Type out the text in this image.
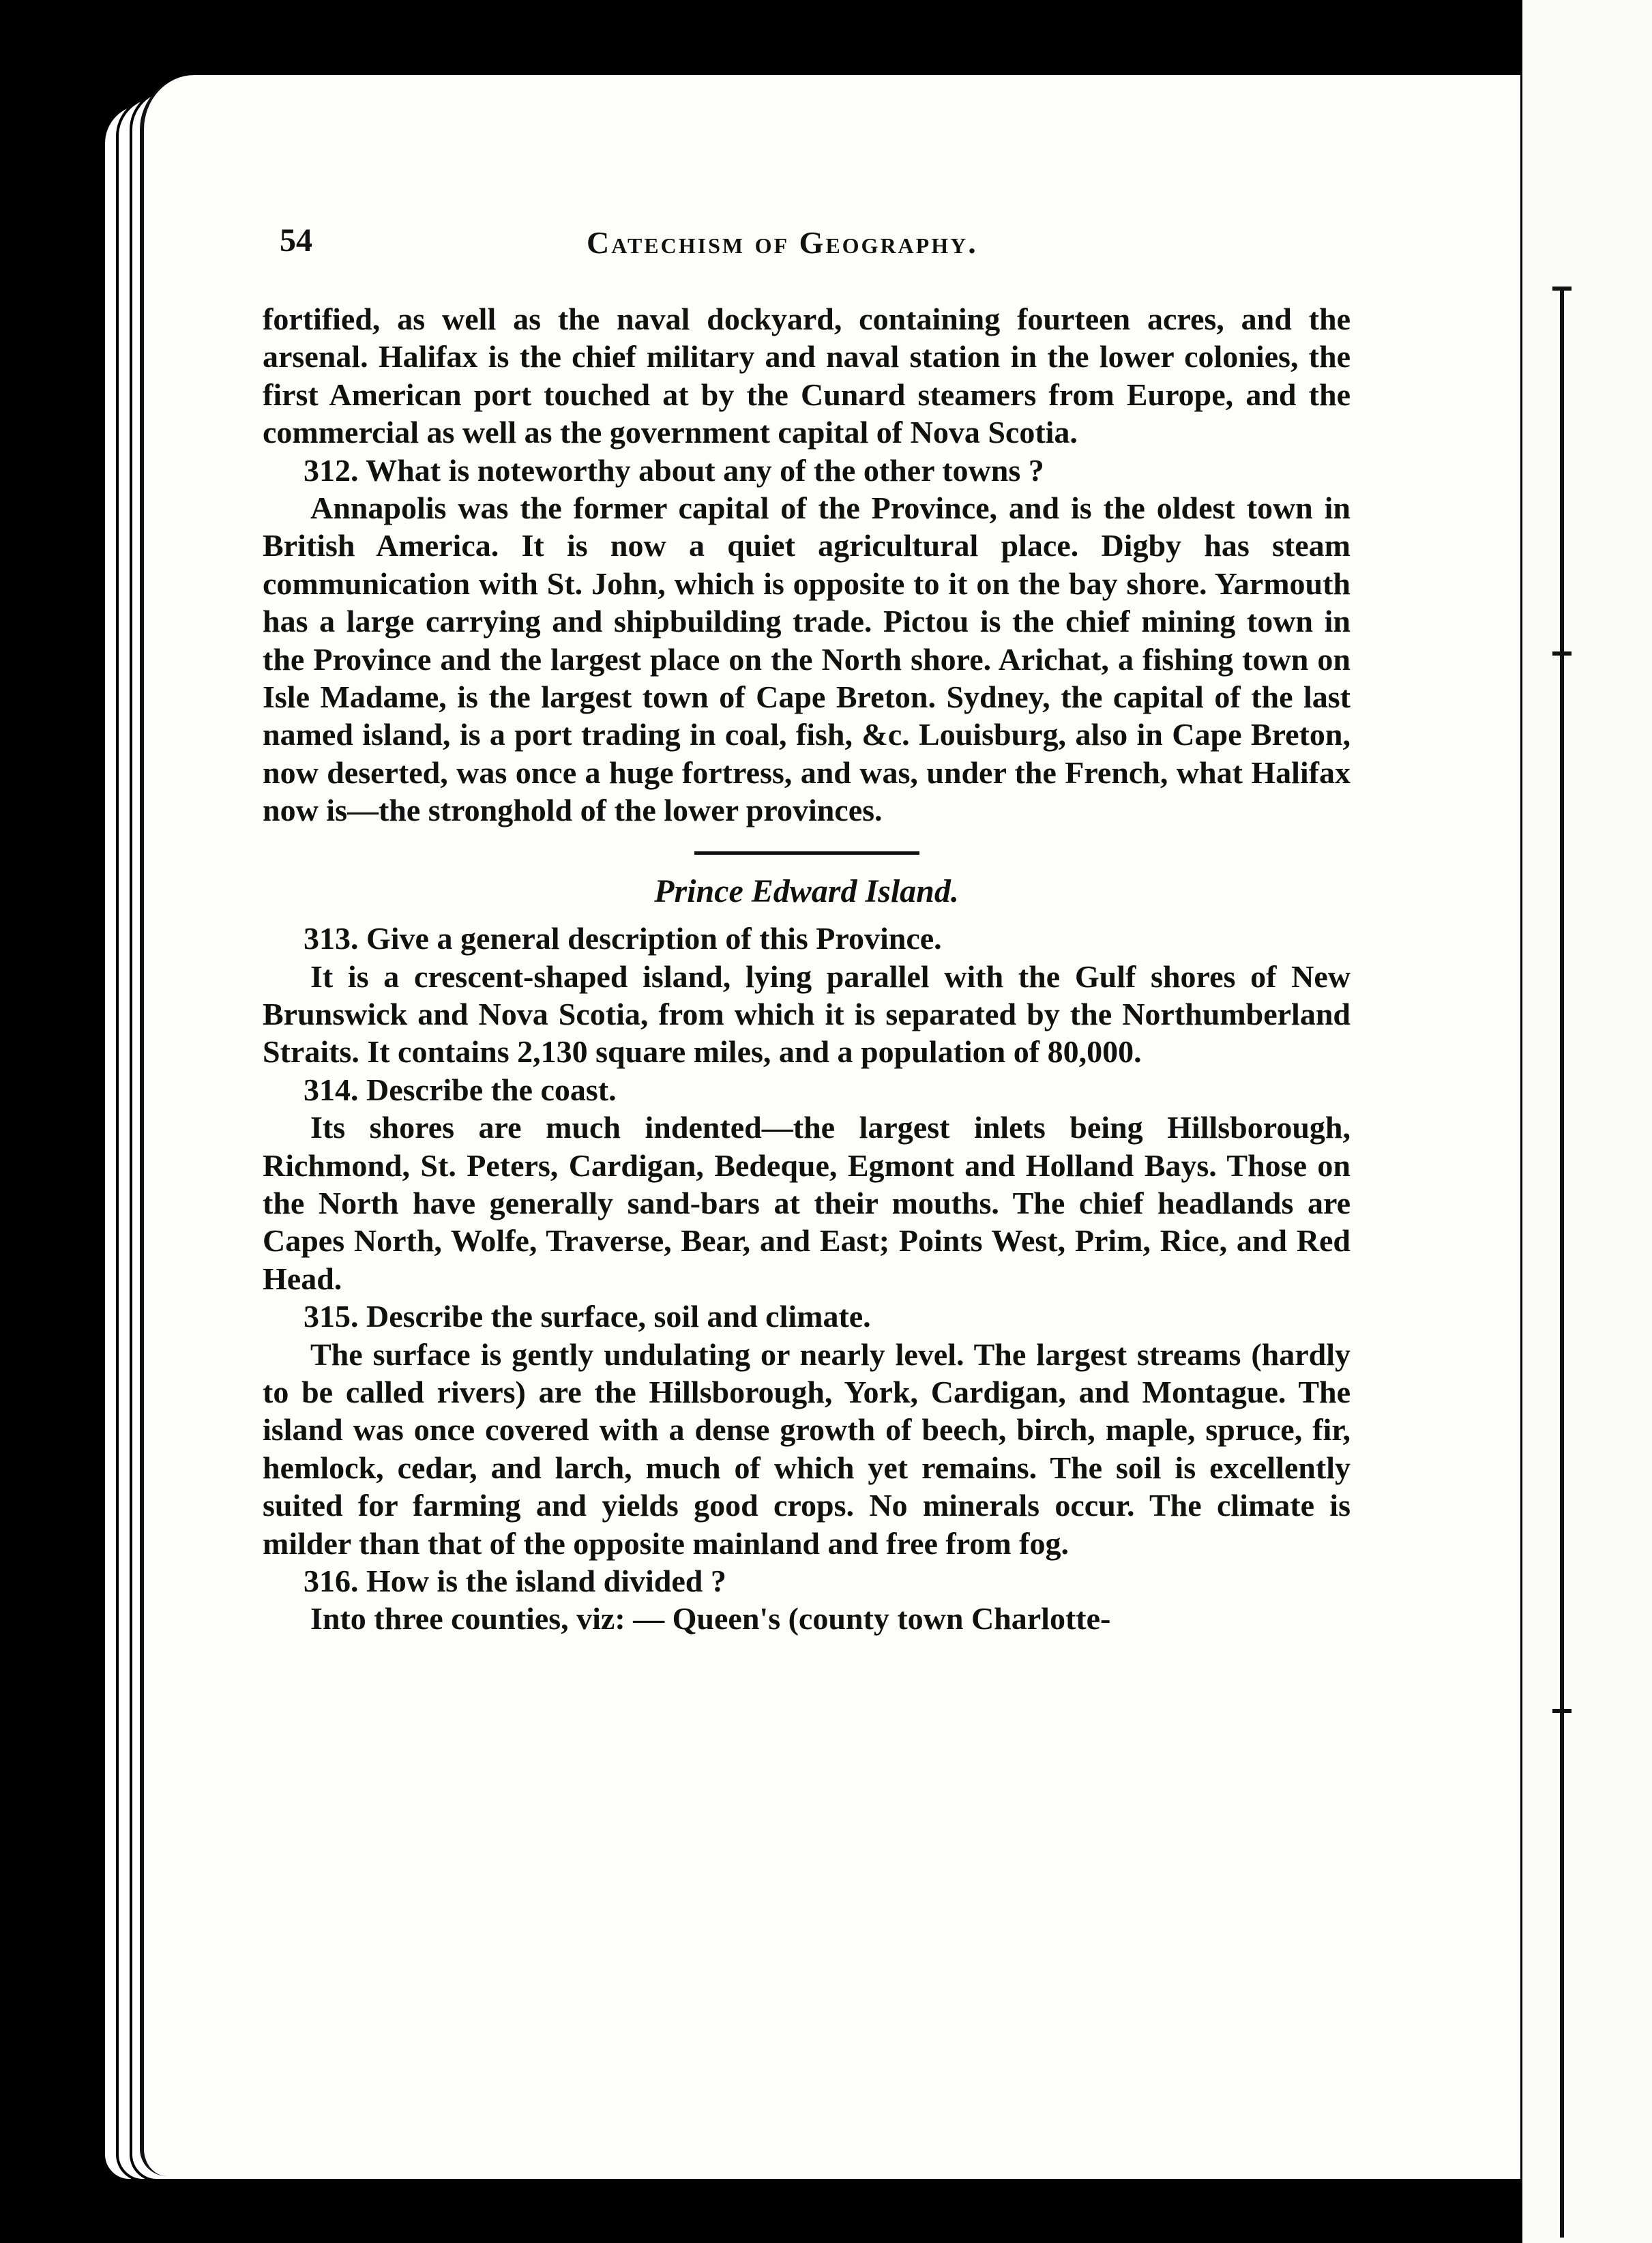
54	Catechism of Geography.

fortified, as well as the naval dockyard, containing fourteen acres, and the arsenal. Halifax is the chief military and naval station in the lower colonies, the first American port touched at by the Cunard steamers from Europe, and the commercial as well as the government capital of Nova Scotia.

312. What is noteworthy about any of the other towns ?

Annapolis was the former capital of the Province, and is the oldest town in British America. It is now a quiet agricultural place. Digby has steam communication with St. John, which is opposite to it on the bay shore. Yarmouth has a large carrying and shipbuilding trade. Pictou is the chief mining town in the Province and the largest place on the North shore. Arichat, a fishing town on Isle Madame, is the largest town of Cape Breton. Sydney, the capital of the last named island, is a port trading in coal, fish, &c. Louisburg, also in Cape Breton, now deserted, was once a huge fortress, and was, under the French, what Halifax now is—the stronghold of the lower provinces.

Prince Edward Island.

313. Give a general description of this Province.

It is a crescent-shaped island, lying parallel with the Gulf shores of New Brunswick and Nova Scotia, from which it is separated by the Northumberland Straits. It contains 2,130 square miles, and a population of 80,000.

314. Describe the coast.

Its shores are much indented—the largest inlets being Hillsborough, Richmond, St. Peters, Cardigan, Bedeque, Egmont and Holland Bays. Those on the North have generally sand-bars at their mouths. The chief headlands are Capes North, Wolfe, Traverse, Bear, and East; Points West, Prim, Rice, and Red Head.

315. Describe the surface, soil and climate.

The surface is gently undulating or nearly level. The largest streams (hardly to be called rivers) are the Hillsborough, York, Cardigan, and Montague. The island was once covered with a dense growth of beech, birch, maple, spruce, fir, hemlock, cedar, and larch, much of which yet remains. The soil is excellently suited for farming and yields good crops. No minerals occur. The climate is milder than that of the opposite mainland and free from fog.

316. How is the island divided ?

Into three counties, viz: — Queen's (county town Charlotte-
